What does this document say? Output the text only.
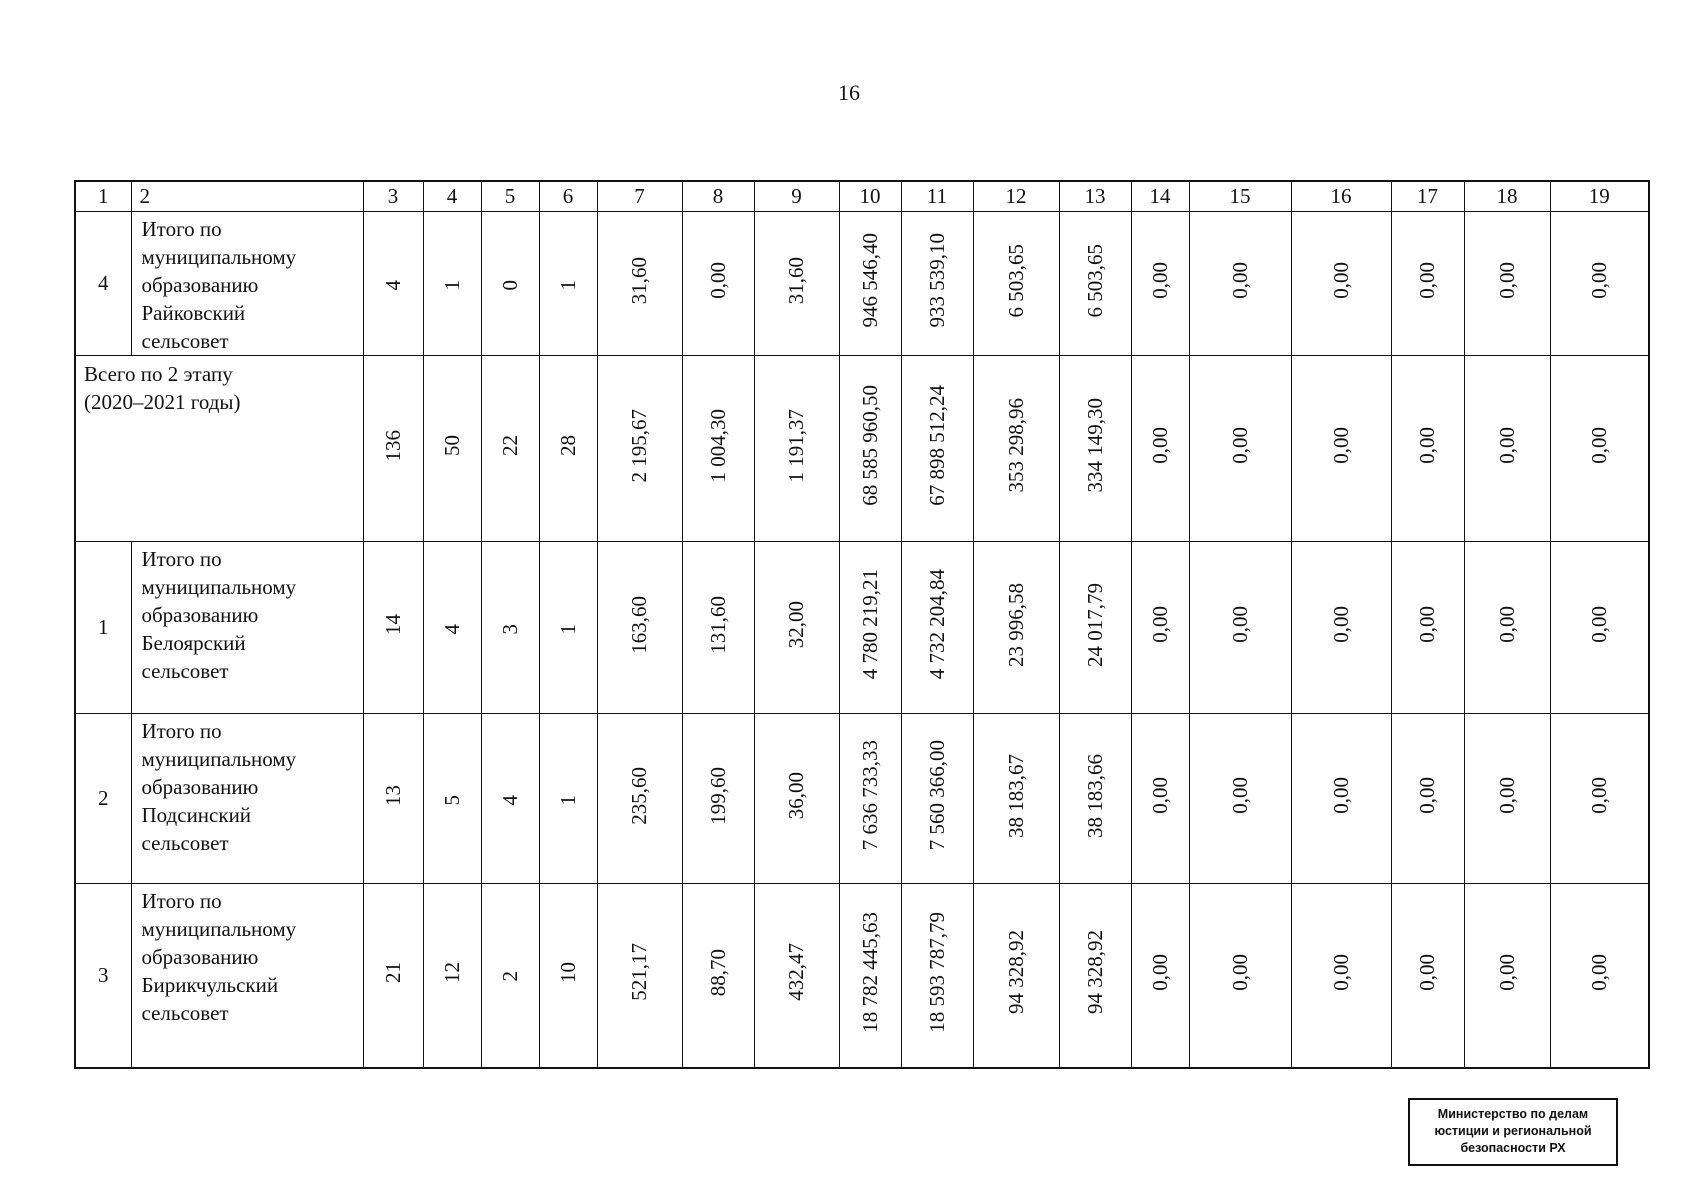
16
1	2	3	4	5	6	7	8	9	10	11	12	13	14	15	16	17	18	19
4	Итого по
муниципальному
образованию
Райковский
сельсовет	4	1	0	1	31,60	0,00	31,60	946 546,40	933 539,10	6 503,65	6 503,65	0,00	0,00	0,00	0,00	0,00	0,00

Всего по 2 этапу
(2020–2021 годы)		136	50	22	28	2 195,67	1 004,30	1 191,37	68 585 960,50	67 898 512,24	353 298,96	334 149,30	0,00	0,00	0,00	0,00	0,00	0,00
1	Итого по
муниципальному
образованию
Белоярский
сельсовет	14	4	3	1	163,60	131,60	32,00	4 780 219,21	4 732 204,84	23 996,58	24 017,79	0,00	0,00	0,00	0,00	0,00	0,00
2	Итого по
муниципальному
образованию
Подсинский
сельсовет	13	5	4	1	235,60	199,60	36,00	7 636 733,33	7 560 366,00	38 183,67	38 183,66	0,00	0,00	0,00	0,00	0,00	0,00
3	Итого по
муниципальному
образованию
Бирикчульский
сельсовет	21	12	2	10	521,17	88,70	432,47	18 782 445,63	18 593 787,79	94 328,92	94 328,92	0,00	0,00	0,00	0,00	0,00	0,00
Министерство по делам
юстиции и региональной
безопасности РХ
